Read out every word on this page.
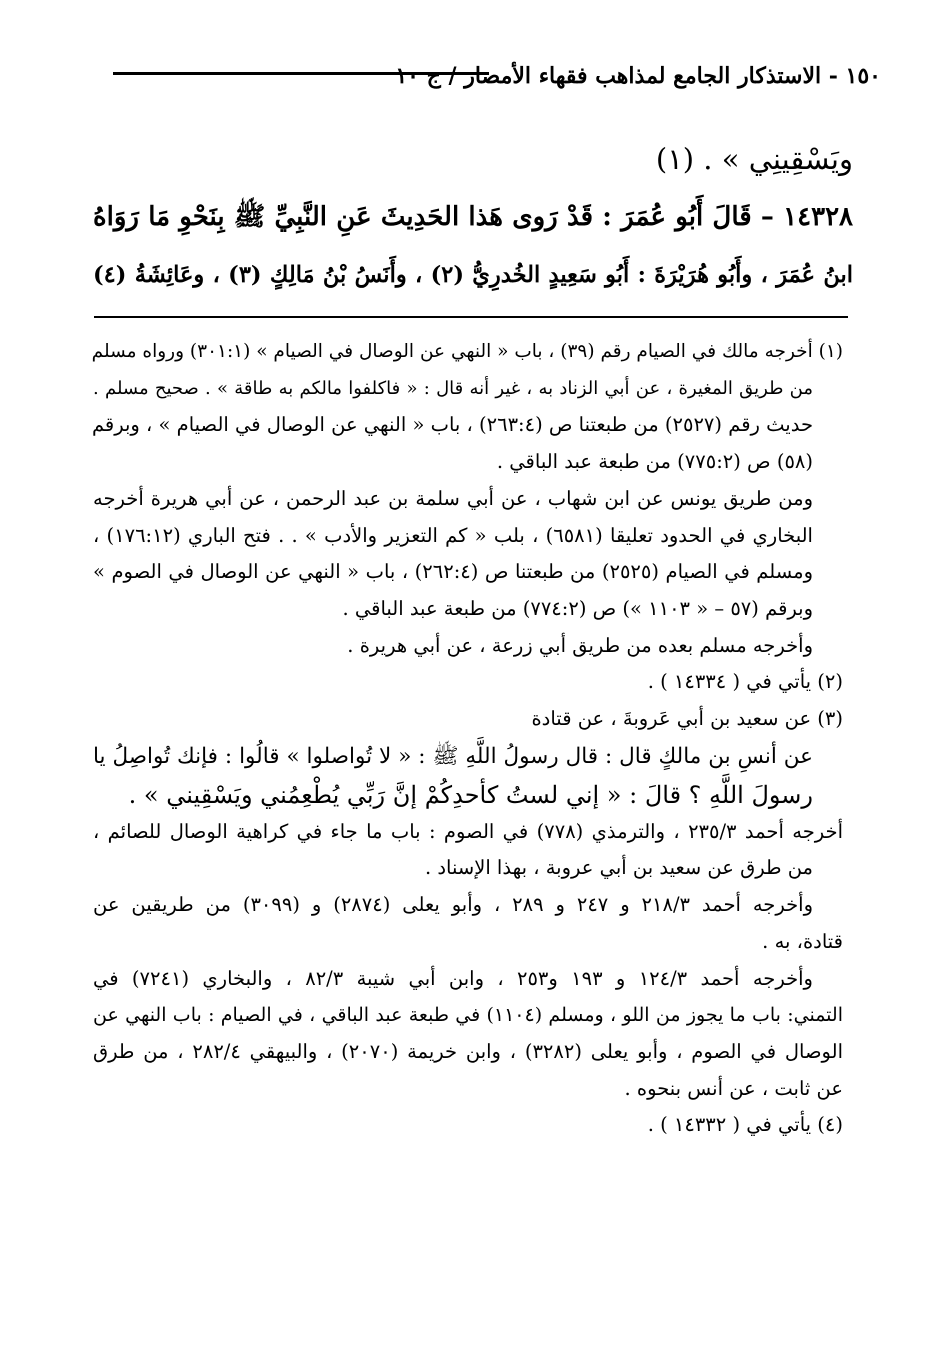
١٥٠ - الاستذكار الجامع لمذاهب فقهاء الأمصار / ج ١٠
ويَسْقِينِي » . (١)
١٤٣٢٨ – قَالَ أَبُو عُمَرَ : قَدْ رَوى هَذا الحَدِيثَ عَنِ النَّبِيِّ ﷺ بِنَحْوِ مَا رَوَاهُ
ابنُ عُمَرَ ، وأَبُو هُرَيْرَةَ : أَبُو سَعِيدٍ الخُدرِيُّ (٢) ، وأَنَسُ بْنُ مَالِكٍ (٣) ، وعَائِشَةُ (٤)
(١) أخرجه مالك في الصيام رقم (٣٩) ، باب « النهي عن الوصال في الصيام » (٣٠١:١) ورواه مسلم
من طريق المغيرة ، عن أبي الزناد به ، غير أنه قال : « فاكلفوا مالكم به طاقة » . صحيح مسلم .
حديث رقم (٢٥٢٧) من طبعتنا ص (٢٦٣:٤) ، باب « النهي عن الوصال في الصيام » ، وبرقم
(٥٨) ص (٧٧٥:٢) من طبعة عبد الباقي .
ومن طريق يونس عن ابن شهاب ، عن أبي سلمة بن عبد الرحمن ، عن أبي هريرة أخرجه
البخاري في الحدود تعليقا (٦٥٨١) ، بلب « كم التعزير والأدب » . . فتح الباري (١٧٦:١٢) ،
ومسلم في الصيام (٢٥٢٥) من طبعتنا ص (٢٦٢:٤) ، باب « النهي عن الوصال في الصوم »
وبرقم (٥٧ – « ١١٠٣ ») ص (٧٧٤:٢) من طبعة عبد الباقي .
وأخرجه مسلم بعده من طريق أبي زرعة ، عن أبي هريرة .
(٢) يأتي في ( ١٤٣٣٤ ) .
(٣) عن سعيد بن أبي عَروبةَ ، عن قتادة
عن أنسِ بن مالكٍ قال : قال رسولُ اللَّهِ ﷺ : « لا تُواصلوا » قالُوا : فإنك تُواصِلُ يا
رسولَ اللَّهِ ؟ قالَ : « إني لستُ كأحدِكُمْ إنَّ رَبِّي يُطْعِمُني ويَسْقِيني » .
أخرجه أحمد ٢٣٥/٣ ، والترمذي (٧٧٨) في الصوم : باب ما جاء في كراهية الوصال للصائم ،
من طرق عن سعيد بن أبي عروبة ، بهذا الإسناد .
وأخرجه أحمد ٢١٨/٣ و ٢٤٧ و ٢٨٩ ، وأبو يعلى (٢٨٧٤) و (٣٠٩٩) من طريقين عن
قتادة، به .
وأخرجه أحمد ١٢٤/٣ و ١٩٣ و٢٥٣ ، وابن أبي شيبة ٨٢/٣ ، والبخاري (٧٢٤١) في
التمني: باب ما يجوز من اللو ، ومسلم (١١٠٤) في طبعة عبد الباقي ، في الصيام : باب النهي عن
الوصال في الصوم ، وأبو يعلى (٣٢٨٢) ، وابن خريمة (٢٠٧٠) ، والبيهقي ٢٨٢/٤ ، من طرق
عن ثابت ، عن أنس بنحوه .
(٤) يأتي في ( ١٤٣٣٢ ) .
